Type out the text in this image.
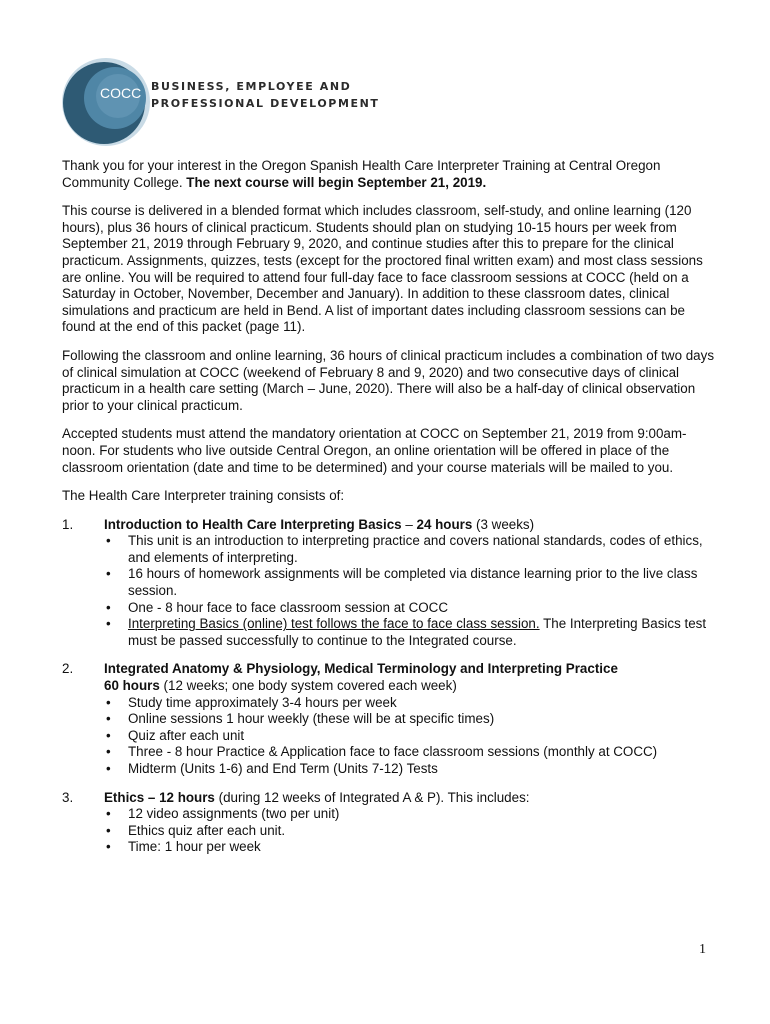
COCC BUSINESS, EMPLOYEE AND
PROFESSIONAL DEVELOPMENT

Thank you for your interest in the Oregon Spanish Health Care Interpreter Training at Central Oregon Community College. The next course will begin September 21, 2019.

This course is delivered in a blended format which includes classroom, self-study, and online learning (120 hours), plus 36 hours of clinical practicum. Students should plan on studying 10-15 hours per week from September 21, 2019 through February 9, 2020, and continue studies after this to prepare for the clinical practicum. Assignments, quizzes, tests (except for the proctored final written exam) and most class sessions are online. You will be required to attend four full-day face to face classroom sessions at COCC (held on a Saturday in October, November, December and January). In addition to these classroom dates, clinical simulations and practicum are held in Bend. A list of important dates including classroom sessions can be found at the end of this packet (page 11).

Following the classroom and online learning, 36 hours of clinical practicum includes a combination of two days of clinical simulation at COCC (weekend of February 8 and 9, 2020) and two consecutive days of clinical practicum in a health care setting (March – June, 2020). There will also be a half-day of clinical observation prior to your clinical practicum.

Accepted students must attend the mandatory orientation at COCC on September 21, 2019 from 9:00am-noon. For students who live outside Central Oregon, an online orientation will be offered in place of the classroom orientation (date and time to be determined) and your course materials will be mailed to you.

The Health Care Interpreter training consists of:

1. Introduction to Health Care Interpreting Basics – 24 hours (3 weeks)
• This unit is an introduction to interpreting practice and covers national standards, codes of ethics, and elements of interpreting.
• 16 hours of homework assignments will be completed via distance learning prior to the live class session.
• One - 8 hour face to face classroom session at COCC
• Interpreting Basics (online) test follows the face to face class session. The Interpreting Basics test must be passed successfully to continue to the Integrated course.
2. Integrated Anatomy & Physiology, Medical Terminology and Interpreting Practice
60 hours (12 weeks; one body system covered each week)
• Study time approximately 3-4 hours per week
• Online sessions 1 hour weekly (these will be at specific times)
• Quiz after each unit
• Three - 8 hour Practice & Application face to face classroom sessions (monthly at COCC)
• Midterm (Units 1-6) and End Term (Units 7-12) Tests
3. Ethics – 12 hours (during 12 weeks of Integrated A & P). This includes:
• 12 video assignments (two per unit)
• Ethics quiz after each unit.
• Time: 1 hour per week
1
